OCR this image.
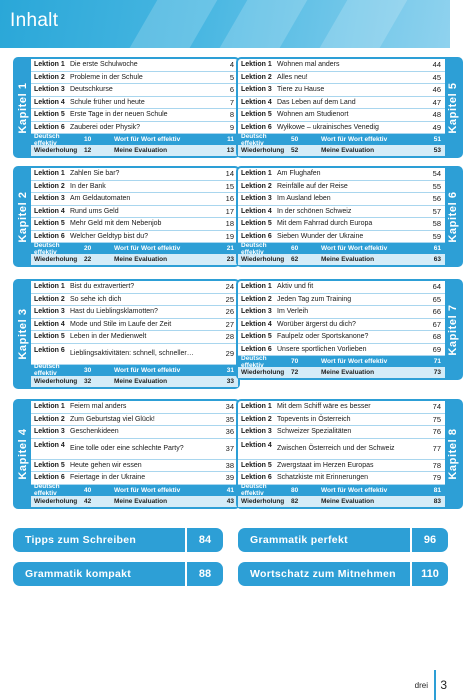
Inhalt
Kapitel 1
Lektion 1 Die erste Schulwoche	4
Lektion 2 Probleme in der Schule	5
Lektion 3 Deutschkurse	6
Lektion 4 Schule früher und heute	7
Lektion 5 Erste Tage in der neuen Schule	8
Lektion 6 Zauberei oder Physik?	9
Deutsch effektiv	10	Wort für Wort effektiv	11
Wiederholung	12	Meine Evaluation	13
Kapitel 2
Lektion 1 Zahlen Sie bar?	14
Lektion 2 In der Bank	15
Lektion 3 Am Geldautomaten	16
Lektion 4 Rund ums Geld	17
Lektion 5 Mehr Geld mit dem Nebenjob	18
Lektion 6 Welcher Geldtyp bist du?	19
Deutsch effektiv	20	Wort für Wort effektiv	21
Wiederholung	22	Meine Evaluation	23
Kapitel 3
Lektion 1 Bist du extravertiert?	24
Lektion 2 So sehe ich dich	25
Lektion 3 Hast du Lieblingsklamotten?	26
Lektion 4 Mode und Stile im Laufe der Zeit	27
Lektion 5 Leben in der Medienwelt	28
Lektion 6 Lieblingsaktivitäten: schnell, schneller…	29
Deutsch effektiv	30	Wort für Wort effektiv	31
Wiederholung	32	Meine Evaluation	33
Kapitel 4
Lektion 1 Feiern mal anders	34
Lektion 2 Zum Geburtstag viel Glück!	35
Lektion 3 Geschenkideen	36
Lektion 4 Eine tolle oder eine schlechte Party?	37
Lektion 5 Heute gehen wir essen	38
Lektion 6 Feiertage in der Ukraine	39
Deutsch effektiv	40	Wort für Wort effektiv	41
Wiederholung	42	Meine Evaluation	43
Kapitel 5
Lektion 1 Wohnen mal anders	44
Lektion 2 Alles neu!	45
Lektion 3 Tiere zu Hause	46
Lektion 4 Das Leben auf dem Land	47
Lektion 5 Wohnen am Studienort	48
Lektion 6 Wyłkowe – ukrainisches Venedig	49
Deutsch effektiv	50	Wort für Wort effektiv	51
Wiederholung	52	Meine Evaluation	53
Kapitel 6
Lektion 1 Am Flughafen	54
Lektion 2 Reinfälle auf der Reise	55
Lektion 3 Im Ausland leben	56
Lektion 4 In der schönen Schweiz	57
Lektion 5 Mit dem Fahrrad durch Europa	58
Lektion 6 Sieben Wunder der Ukraine	59
Deutsch effektiv	60	Wort für Wort effektiv	61
Wiederholung	62	Meine Evaluation	63
Kapitel 7
Lektion 1 Aktiv und fit	64
Lektion 2 Jeden Tag zum Training	65
Lektion 3 Im Verleih	66
Lektion 4 Worüber ärgerst du dich?	67
Lektion 5 Faulpelz oder Sportskanone?	68
Lektion 6 Unsere sportlichen Vorlieben	69
Deutsch effektiv	70	Wort für Wort effektiv	71
Wiederholung	72	Meine Evaluation	73
Kapitel 8
Lektion 1 Mit dem Schiff wäre es besser	74
Lektion 2 Topevents in Österreich	75
Lektion 3 Schweizer Spezialitäten	76
Lektion 4 Zwischen Österreich und der Schweiz	77
Lektion 5 Zwergstaat im Herzen Europas	78
Lektion 6 Schatzkiste mit Erinnerungen	79
Deutsch effektiv	80	Wort für Wort effektiv	81
Wiederholung	82	Meine Evaluation	83
Tipps zum Schreiben	84	Grammatik perfekt	96
Grammatik kompakt	88	Wortschatz zum Mitnehmen	110
drei 3
